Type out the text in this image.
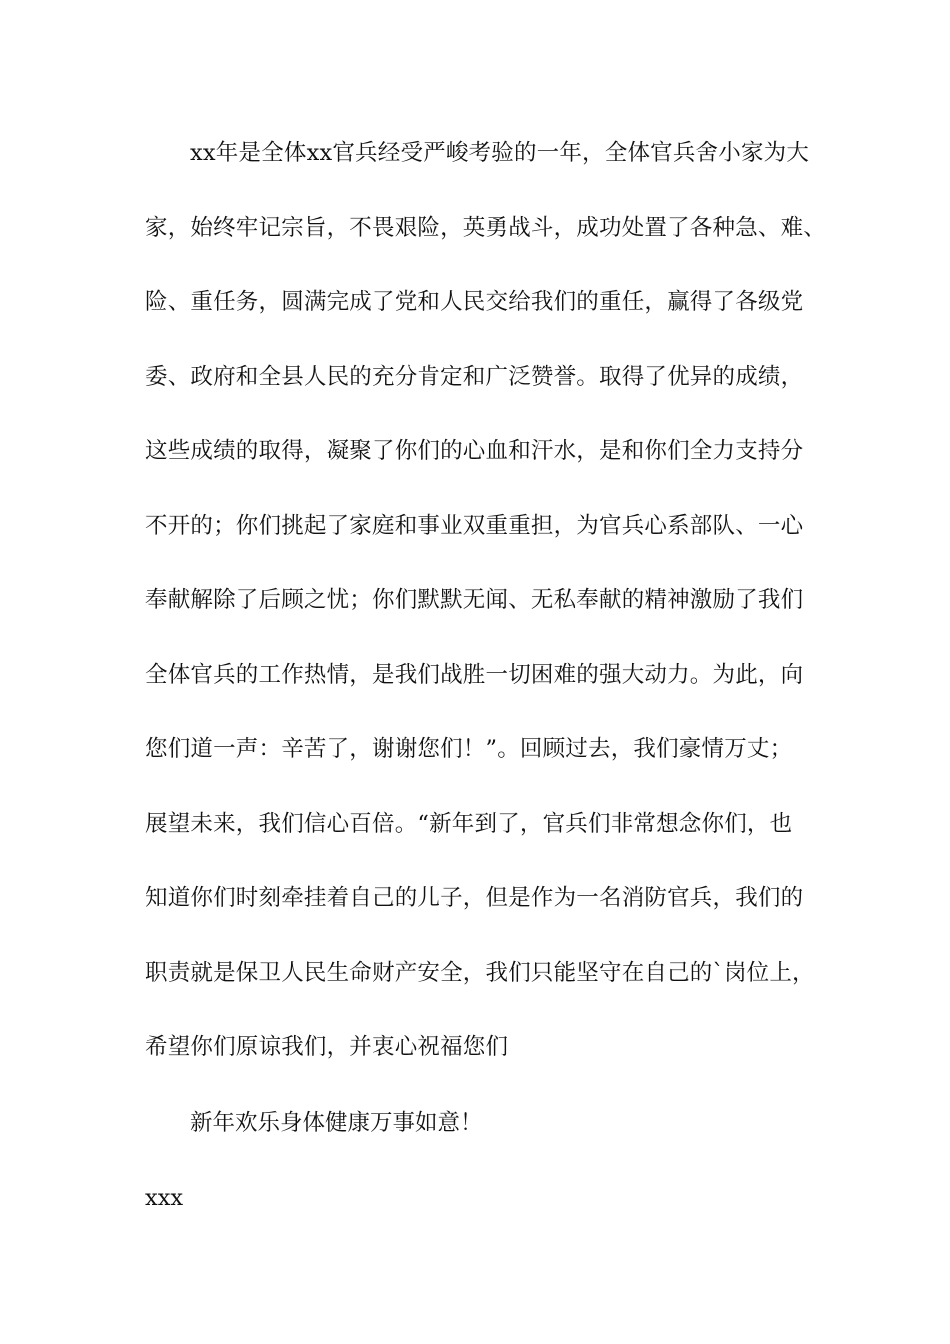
xx年是全体xx官兵经受严峻考验的一年，全体官兵舍小家为大
家，始终牢记宗旨，不畏艰险，英勇战斗，成功处置了各种急、难、
险、重任务，圆满完成了党和人民交给我们的重任，赢得了各级党
委、政府和全县人民的充分肯定和广泛赞誉。取得了优异的成绩，
这些成绩的取得，凝聚了你们的心血和汗水，是和你们全力支持分
不开的；你们挑起了家庭和事业双重重担，为官兵心系部队、一心
奉献解除了后顾之忧；你们默默无闻、无私奉献的精神激励了我们
全体官兵的工作热情，是我们战胜一切困难的强大动力。为此，向
您们道一声：辛苦了，谢谢您们！”。回顾过去，我们豪情万丈；
展望未来，我们信心百倍。“新年到了，官兵们非常想念你们，也
知道你们时刻牵挂着自己的儿子，但是作为一名消防官兵，我们的
职责就是保卫人民生命财产安全，我们只能坚守在自己的`岗位上，
希望你们原谅我们，并衷心祝福您们
新年欢乐身体健康万事如意！
xxx
